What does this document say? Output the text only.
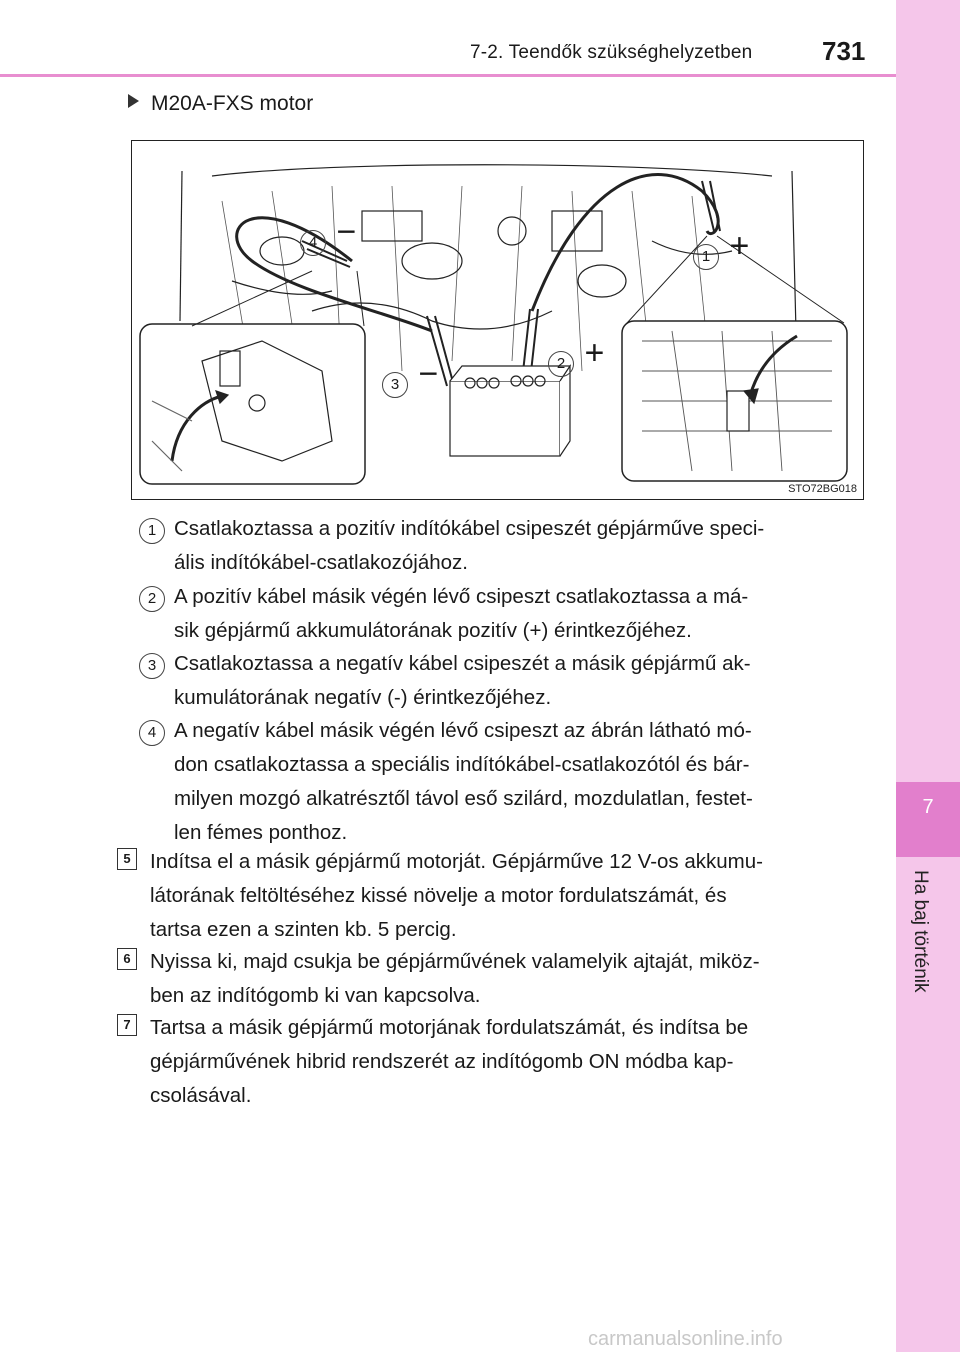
7-2. Teendők szükséghelyzetben	731
7
Ha baj történik
M20A-FXS motor
1 +
2 +
3 −
4 −
STO72BG018
1 Csatlakoztassa a pozitív indítókábel csipeszét gépjárműve speci-
ális indítókábel-csatlakozójához.
2 A pozitív kábel másik végén lévő csipeszt csatlakoztassa a má-
sik gépjármű akkumulátorának pozitív (+) érintkezőjéhez.
3 Csatlakoztassa a negatív kábel csipeszét a másik gépjármű ak-
kumulátorának negatív (-) érintkezőjéhez.
4 A negatív kábel másik végén lévő csipeszt az ábrán látható mó-
don csatlakoztassa a speciális indítókábel-csatlakozótól és bár-
milyen mozgó alkatrésztől távol eső szilárd, mozdulatlan, festet-
len fémes ponthoz.
5 Indítsa el a másik gépjármű motorját. Gépjárműve 12 V-os akkumu-
látorának feltöltéséhez kissé növelje a motor fordulatszámát, és
tartsa ezen a szinten kb. 5 percig.
6 Nyissa ki, majd csukja be gépjárművének valamelyik ajtaját, miköz-
ben az indítógomb ki van kapcsolva.
7 Tartsa a másik gépjármű motorjának fordulatszámát, és indítsa be
gépjárművének hibrid rendszerét az indítógomb ON módba kap-
csolásával.
carmanualsonline.info
